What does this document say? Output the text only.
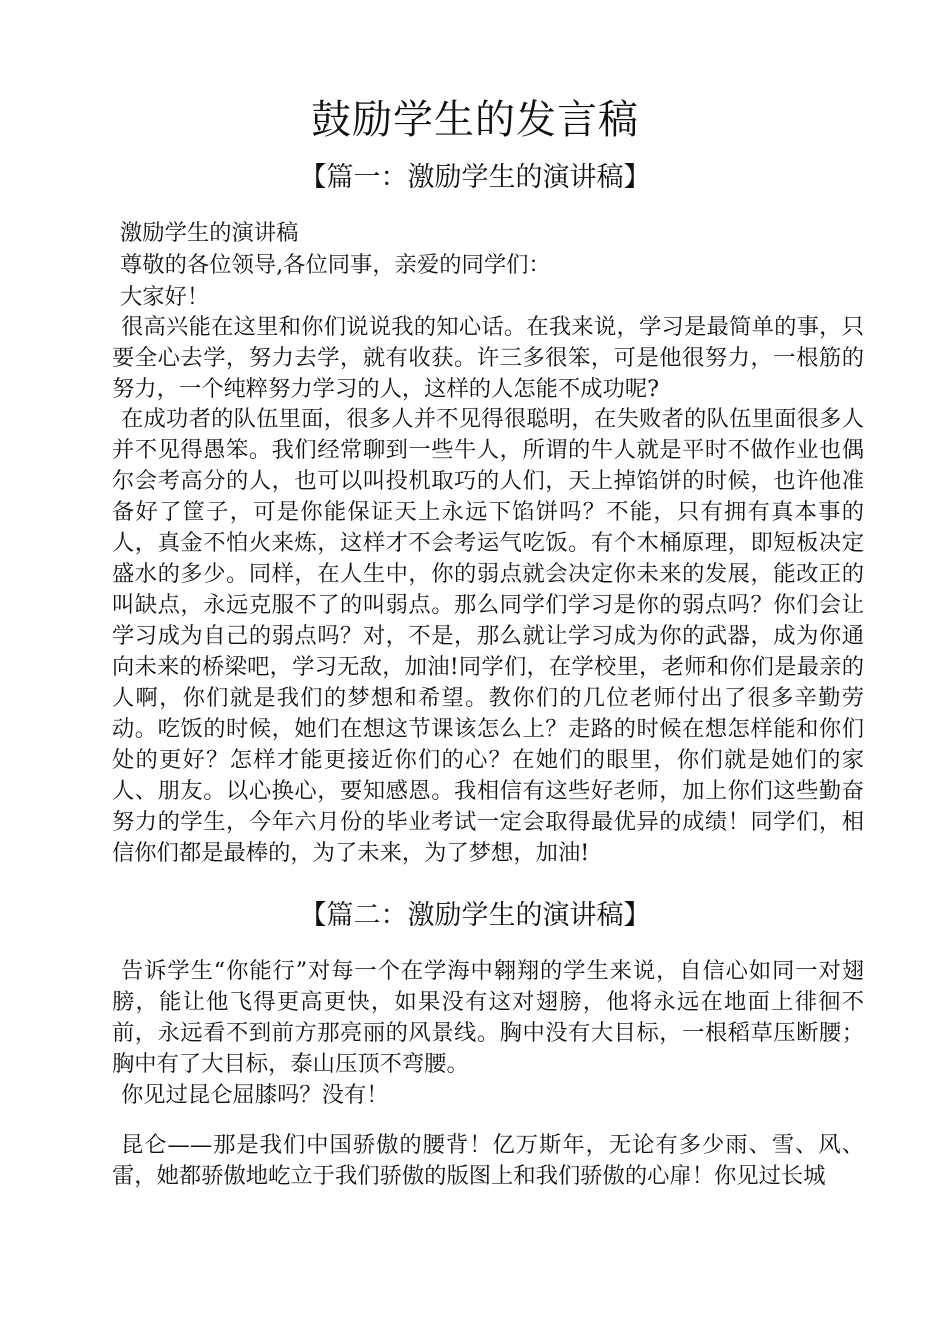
鼓励学生的发言稿
【篇一：激励学生的演讲稿】
激励学生的演讲稿
尊敬的各位领导,各位同事，亲爱的同学们：
大家好！

很高兴能在这里和你们说说我的知心话。在我来说，学习是最简单的事，只要全心去学，努力去学，就有收获。许三多很笨，可是他很努力，一根筋的努力，一个纯粹努力学习的人，这样的人怎能不成功呢?

在成功者的队伍里面，很多人并不见得很聪明，在失败者的队伍里面很多人并不见得愚笨。我们经常聊到一些牛人，所谓的牛人就是平时不做作业也偶尔会考高分的人，也可以叫投机取巧的人们，天上掉馅饼的时候，也许他准备好了筐子，可是你能保证天上永远下馅饼吗？不能，只有拥有真本事的人，真金不怕火来炼，这样才不会考运气吃饭。有个木桶原理，即短板决定盛水的多少。同样，在人生中，你的弱点就会决定你未来的发展，能改正的叫缺点，永远克服不了的叫弱点。那么同学们学习是你的弱点吗？你们会让学习成为自己的弱点吗？对，不是，那么就让学习成为你的武器，成为你通向未来的桥梁吧，学习无敌，加油!同学们，在学校里，老师和你们是最亲的人啊，你们就是我们的梦想和希望。教你们的几位老师付出了很多辛勤劳动。吃饭的时候，她们在想这节课该怎么上？走路的时候在想怎样能和你们处的更好？怎样才能更接近你们的心？在她们的眼里，你们就是她们的家人、朋友。以心换心，要知感恩。我相信有这些好老师，加上你们这些勤奋努力的学生，今年六月份的毕业考试一定会取得最优异的成绩！同学们，相信你们都是最棒的，为了未来，为了梦想，加油!

【篇二：激励学生的演讲稿】

告诉学生“你能行”对每一个在学海中翱翔的学生来说，自信心如同一对翅膀，能让他飞得更高更快，如果没有这对翅膀，他将永远在地面上徘徊不前，永远看不到前方那亮丽的风景线。胸中没有大目标，一根稻草压断腰；胸中有了大目标，泰山压顶不弯腰。

你见过昆仑屈膝吗？没有！

昆仑——那是我们中国骄傲的腰背！亿万斯年，无论有多少雨、雪、风、雷，她都骄傲地屹立于我们骄傲的版图上和我们骄傲的心扉！你见过长城
